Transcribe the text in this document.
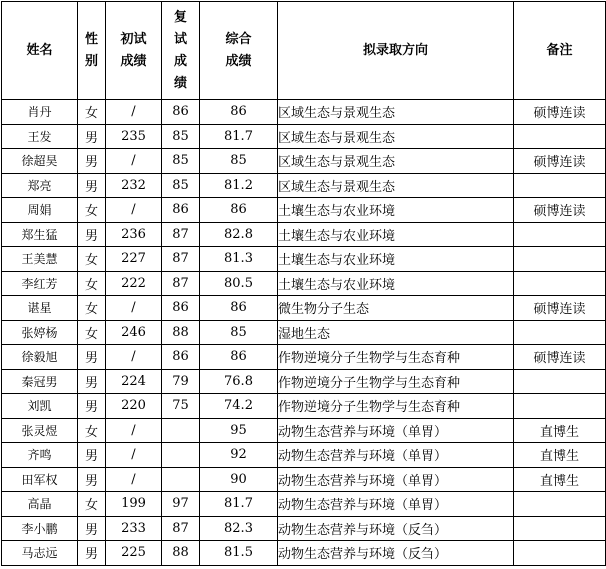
姓名	性别	初试成绩	复试成绩	综合成绩	拟录取方向	备注
肖丹	女	/	86	86	区域生态与景观生态	硕博连读
王发	男	235	85	81.7	区域生态与景观生态	
徐超昊	男	/	85	85	区域生态与景观生态	硕博连读
郑亮	男	232	85	81.2	区域生态与景观生态	
周娟	女	/	86	86	土壤生态与农业环境	硕博连读
郑生猛	男	236	87	82.8	土壤生态与农业环境	
王美慧	女	227	87	81.3	土壤生态与农业环境	
李红芳	女	222	87	80.5	土壤生态与农业环境	
谌星	女	/	86	86	微生物分子生态	硕博连读
张婷杨	女	246	88	85	湿地生态	
徐毅旭	男	/	86	86	作物逆境分子生物学与生态育种	硕博连读
秦冠男	男	224	79	76.8	作物逆境分子生物学与生态育种	
刘凯	男	220	75	74.2	作物逆境分子生物学与生态育种	
张灵煜	女	/		95	动物生态营养与环境（单胃）	直博生
齐鸣	男	/		92	动物生态营养与环境（单胃）	直博生
田军权	男	/		90	动物生态营养与环境（单胃）	直博生
高晶	女	199	97	81.7	动物生态营养与环境（单胃）	
李小鹏	男	233	87	82.3	动物生态营养与环境（反刍）	
马志远	男	225	88	81.5	动物生态营养与环境（反刍）	
